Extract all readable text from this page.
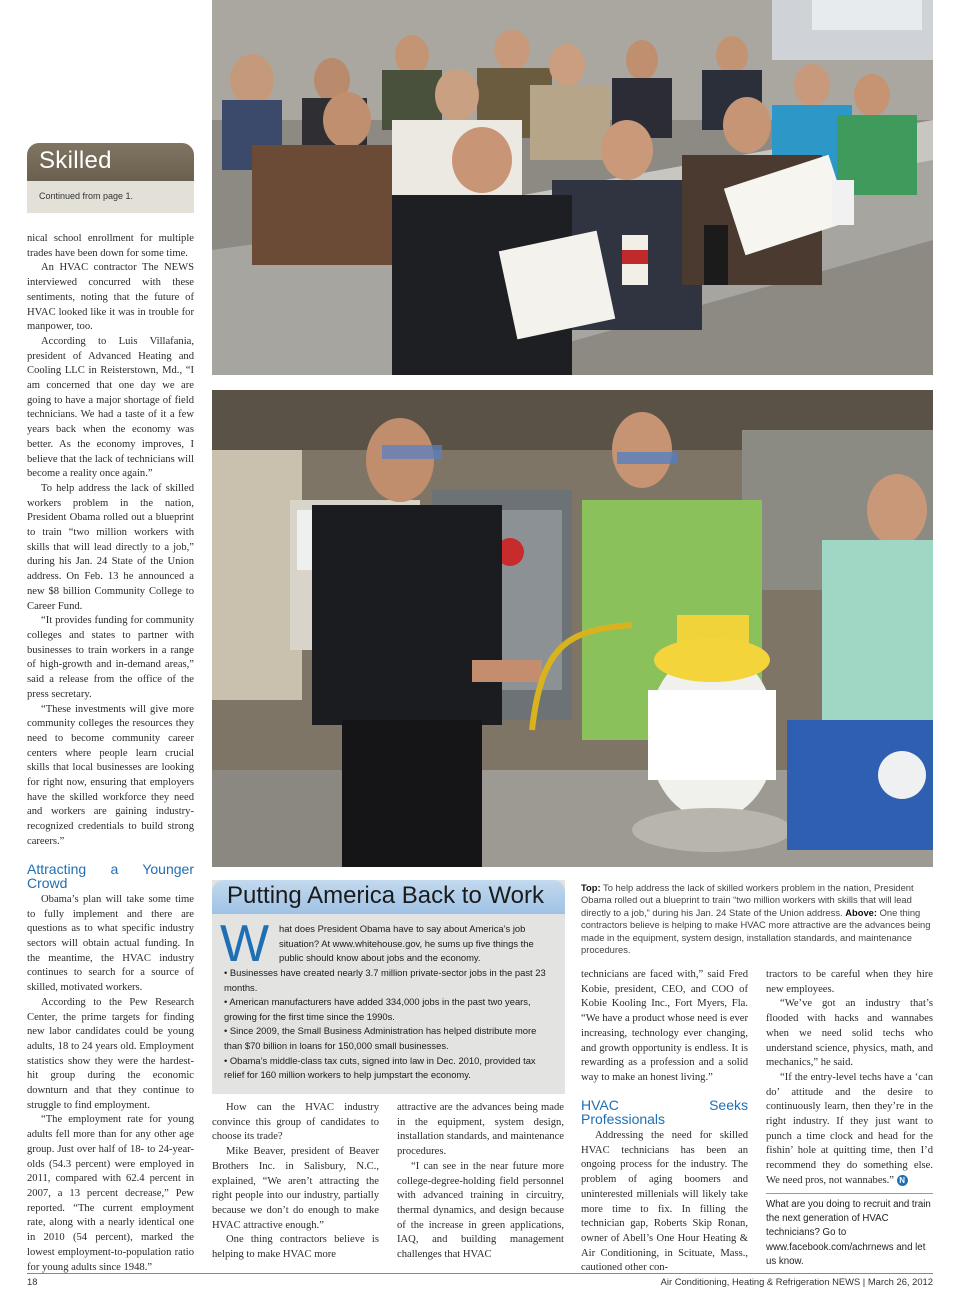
Skilled
Continued from page 1.

nical school enrollment for multiple trades have been down for some time.

An HVAC contractor The NEWS interviewed concurred with these sentiments, noting that the future of HVAC looked like it was in trouble for manpower, too.

According to Luis Villafania, president of Advanced Heating and Cooling LLC in Reisterstown, Md., “I am concerned that one day we are going to have a major shortage of field technicians. We had a taste of it a few years back when the economy was better. As the economy improves, I believe that the lack of technicians will become a reality once again.”

To help address the lack of skilled workers problem in the nation, President Obama rolled out a blueprint to train “two million workers with skills that will lead directly to a job,” during his Jan. 24 State of the Union address. On Feb. 13 he announced a new $8 billion Community College to Career Fund.

“It provides funding for community colleges and states to partner with businesses to train workers in a range of high-growth and in-demand areas,” said a release from the office of the press secretary.

“These investments will give more community colleges the resources they need to become community career centers where people learn crucial skills that local businesses are looking for right now, ensuring that employers have the skilled workforce they need and workers are gaining industry-recognized credentials to build strong careers.”

Attracting a Younger Crowd

Obama’s plan will take some time to fully implement and there are questions as to what specific industry sectors will obtain actual funding. In the meantime, the HVAC industry continues to search for a source of skilled, motivated workers.

According to the Pew Research Center, the prime targets for finding new labor candidates could be young adults, 18 to 24 years old. Employment statistics show they were the hardest-hit group during the economic downturn and that they continue to struggle to find employment.

“The employment rate for young adults fell more than for any other age group. Just over half of 18- to 24-year-olds (54.3 percent) were employed in 2011, compared with 62.4 percent in 2007, a 13 percent decrease,” Pew reported. “The current employment rate, along with a nearly identical one in 2010 (54 percent), marked the lowest employment-to-population ratio for young adults since 1948.”

Putting America Back to Work
W hat does President Obama have to say about America’s job situation? At www.whitehouse.gov, he sums up five things the public should know about jobs and the economy.
• Businesses have created nearly 3.7 million private-sector jobs in the past 23 months.
• American manufacturers have added 334,000 jobs in the past two years, growing for the first time since the 1990s.
• Since 2009, the Small Business Administration has helped distribute more than $70 billion in loans for 150,000 small businesses.
• Obama’s middle-class tax cuts, signed into law in Dec. 2010, provided tax relief for 160 million workers to help jumpstart the economy.
Top: To help address the lack of skilled workers problem in the nation, President Obama rolled out a blueprint to train “two million workers with skills that will lead directly to a job,” during his Jan. 24 State of the Union address. Above: One thing contractors believe is helping to make HVAC more attractive are the advances being made in the equipment, system design, installation standards, and maintenance procedures.

How can the HVAC industry convince this group of candidates to choose its trade?

Mike Beaver, president of Beaver Brothers Inc. in Salisbury, N.C., explained, “We aren’t attracting the right people into our industry, partially because we don’t do enough to make HVAC attractive enough.”

One thing contractors believe is helping to make HVAC more

attractive are the advances being made in the equipment, system design, installation standards, and maintenance procedures.

“I can see in the near future more college-degree-holding field personnel with advanced training in circuitry, thermal dynamics, and design because of the increase in green applications, IAQ, and building management challenges that HVAC

technicians are faced with,” said Fred Kobie, president, CEO, and COO of Kobie Kooling Inc., Fort Myers, Fla. “We have a product whose need is ever increasing, technology ever changing, and growth opportunity is endless. It is rewarding as a profession and a solid way to make an honest living.”

HVAC Seeks Professionals

Addressing the need for skilled HVAC technicians has been an ongoing process for the industry. The problem of aging boomers and uninterested millenials will likely take more time to fix. In filling the technician gap, Roberts Skip Ronan, owner of Abell’s One Hour Heating & Air Conditioning, in Scituate, Mass., cautioned other con-

tractors to be careful when they hire new employees.

“We’ve got an industry that’s flooded with hacks and wannabes when we need solid techs who understand science, physics, math, and mechanics,” he said.

“If the entry-level techs have a ‘can do’ attitude and the desire to continuously learn, then they’re in the right industry. If they just want to punch a time clock and head for the fishin’ hole at quitting time, then I’d recommend they do something else. We need pros, not wannabes.” N

What are you doing to recruit and train the next generation of HVAC technicians? Go to www.facebook.com/achrnews and let us know.
18	Air Conditioning, Heating & Refrigeration NEWS | March 26, 2012
